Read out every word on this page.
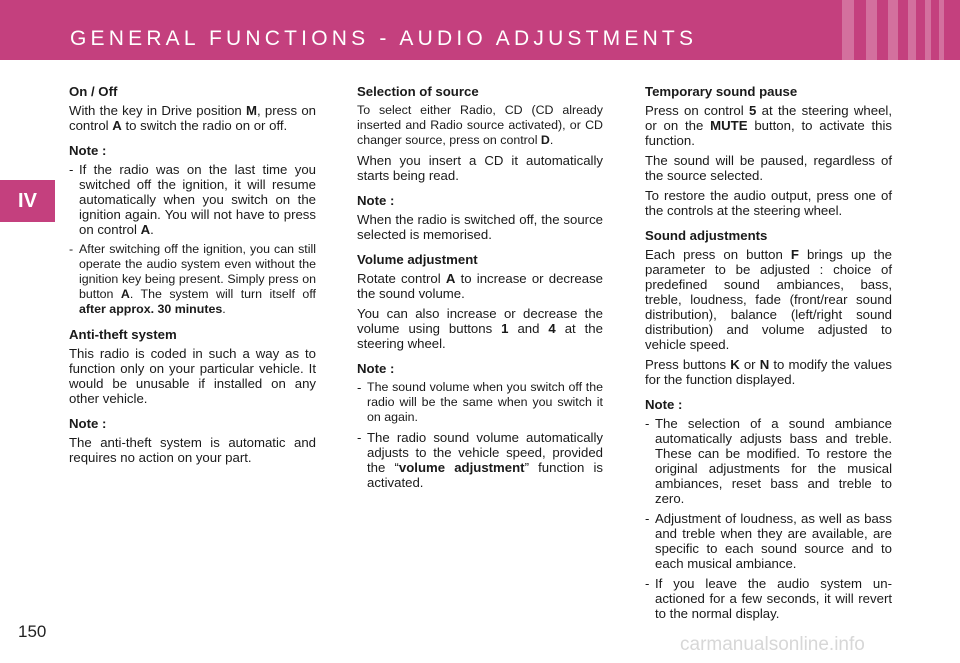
GENERAL FUNCTIONS - AUDIO ADJUSTMENTS
IV
On / Off

With the key in Drive position M, press on control A to switch the radio on or off.

Note :
- If the radio was on the last time you switched off the ignition, it will resume automatically when you switch on the ignition again. You will not have to press on control A.
- After switching off the ignition, you can still operate the audio system even without the ignition key being present. Simply press on button A. The system will turn itself off after approx. 30 minutes.
Anti-theft system

This radio is coded in such a way as to function only on your particular vehicle. It would be unusable if installed on any other vehicle.

Note :

The anti-theft system is automatic and requires no action on your part.

Selection of source

To select either Radio, CD (CD already inserted and Radio source activated), or CD changer source, press on control D.

When you insert a CD it automatically starts being read.

Note :

When the radio is switched off, the source selected is memorised.

Volume adjustment

Rotate control A to increase or decrease the sound volume.

You can also increase or decrease the volume using buttons 1 and 4 at the steering wheel.

Note :
- The sound volume when you switch off the radio will be the same when you switch it on again.
- The radio sound volume automatically adjusts to the vehicle speed, provided the “volume adjustment” function is activated.
Temporary sound pause

Press on control 5 at the steering wheel, or on the MUTE button, to activate this function.

The sound will be paused, regardless of the source selected.

To restore the audio output, press one of the controls at the steering wheel.

Sound adjustments

Each press on button F brings up the parameter to be adjusted : choice of predefined sound ambiances, bass, treble, loudness, fade (front/rear sound distribution), balance (left/right sound distribution) and volume adjusted to vehicle speed.

Press buttons K or N to modify the values for the function displayed.

Note :
- The selection of a sound ambiance automatically adjusts bass and treble. These can be modified. To restore the original adjustments for the musical ambiances, reset bass and treble to zero.
- Adjustment of loudness, as well as bass and treble when they are available, are specific to each sound source and to each musical ambiance.
- If you leave the audio system un-actioned for a few seconds, it will revert to the normal display.
150
carmanualsonline.info
